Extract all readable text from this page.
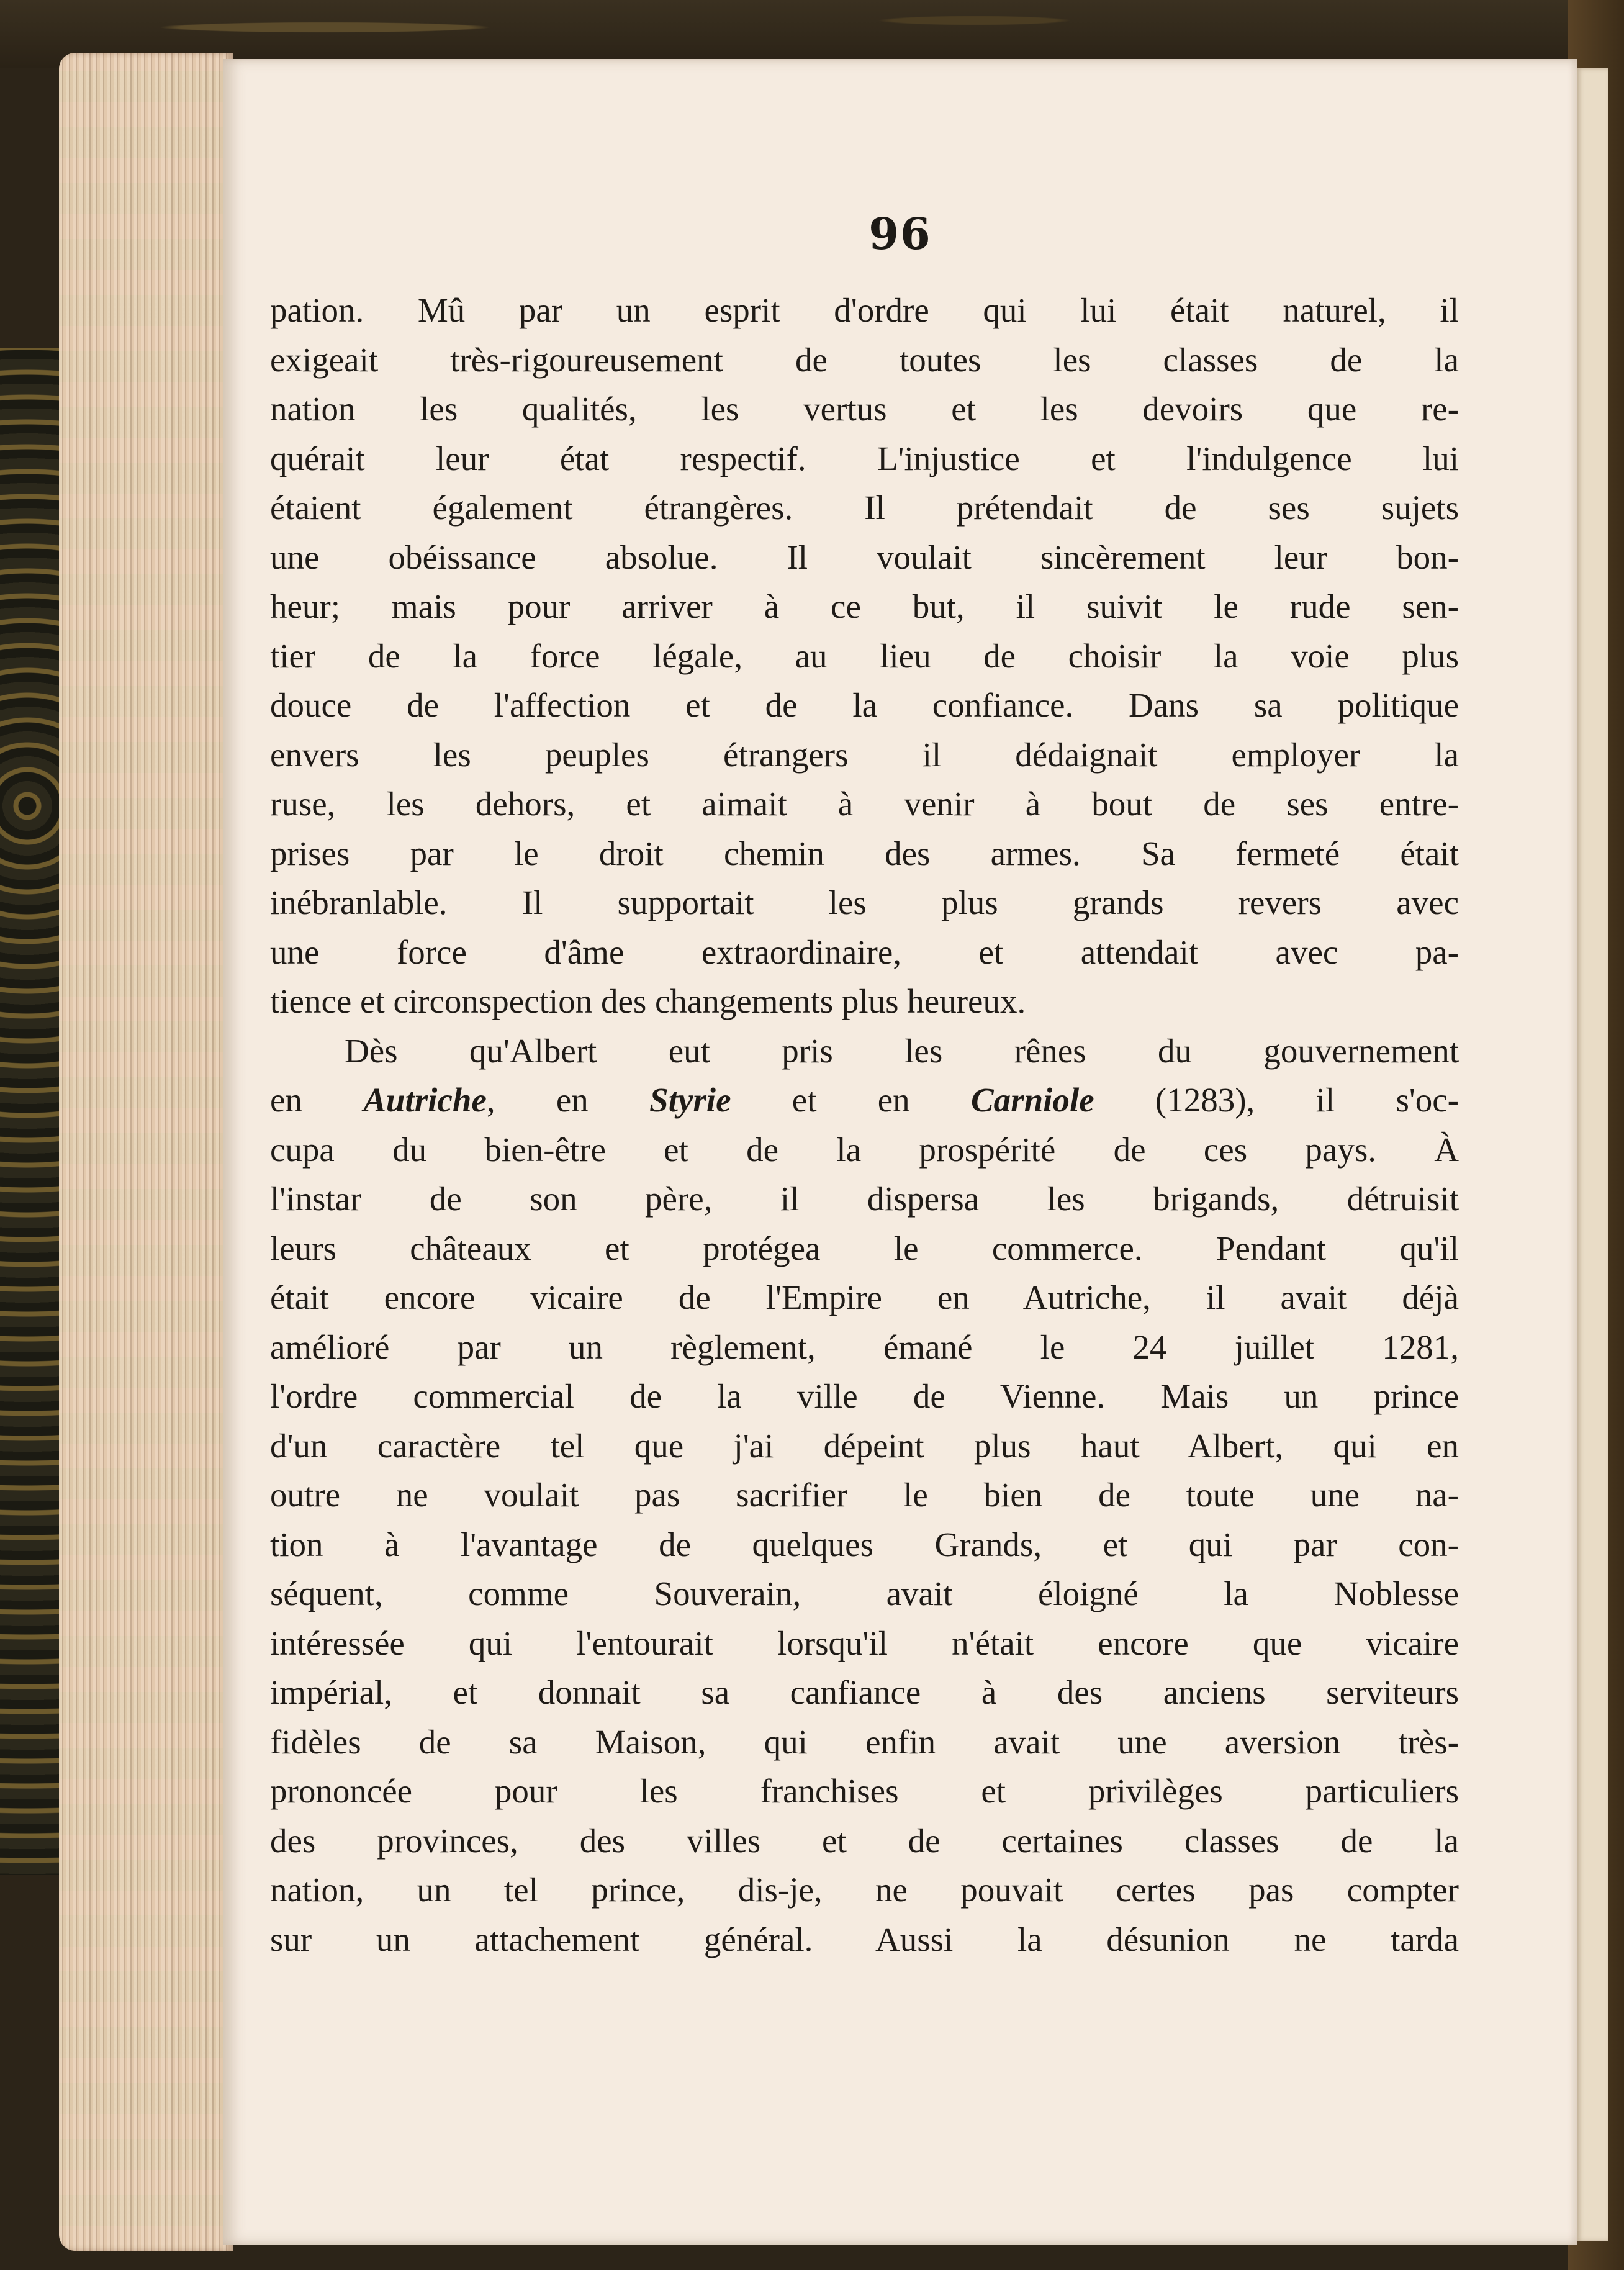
96
pation. Mû par un esprit d'ordre qui lui était naturel, il
exigeait très-rigoureusement de toutes les classes de la
nation les qualités, les vertus et les devoirs que re-
quérait leur état respectif. L'injustice et l'indulgence lui
étaient également étrangères. Il prétendait de ses sujets
une obéissance absolue. Il voulait sincèrement leur bon-
heur; mais pour arriver à ce but, il suivit le rude sen-
tier de la force légale, au lieu de choisir la voie plus
douce de l'affection et de la confiance. Dans sa politique
envers les peuples étrangers il dédaignait employer la
ruse, les dehors, et aimait à venir à bout de ses entre-
prises par le droit chemin des armes. Sa fermeté était
inébranlable. Il supportait les plus grands revers avec
une force d'âme extraordinaire, et attendait avec pa-
tience et circonspection des changements plus heureux.
Dès qu'Albert eut pris les rênes du gouvernement
en Autriche, en Styrie et en Carniole (1283), il s'oc-
cupa du bien-être et de la prospérité de ces pays. À
l'instar de son père, il dispersa les brigands, détruisit
leurs châteaux et protégea le commerce. Pendant qu'il
était encore vicaire de l'Empire en Autriche, il avait déjà
amélioré par un règlement, émané le 24 juillet 1281,
l'ordre commercial de la ville de Vienne. Mais un prince
d'un caractère tel que j'ai dépeint plus haut Albert, qui en
outre ne voulait pas sacrifier le bien de toute une na-
tion à l'avantage de quelques Grands, et qui par con-
séquent, comme Souverain, avait éloigné la Noblesse
intéressée qui l'entourait lorsqu'il n'était encore que vicaire
impérial, et donnait sa canfiance à des anciens serviteurs
fidèles de sa Maison, qui enfin avait une aversion très-
prononcée pour les franchises et privilèges particuliers
des provinces, des villes et de certaines classes de la
nation, un tel prince, dis-je, ne pouvait certes pas compter
sur un attachement général. Aussi la désunion ne tarda
